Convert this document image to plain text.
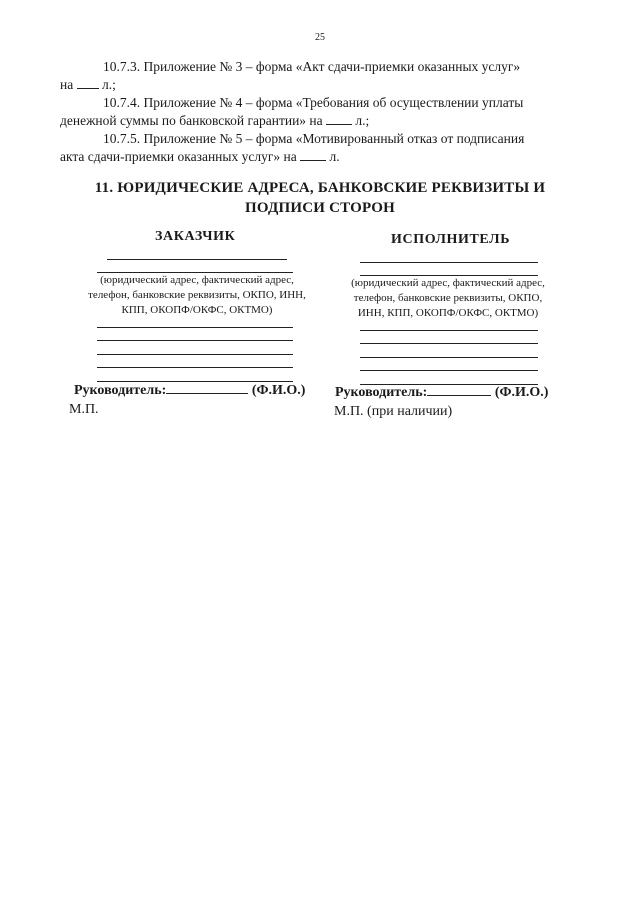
25
10.7.3. Приложение № 3 – форма «Акт сдачи-приемки оказанных услуг»
на л.;
10.7.4. Приложение № 4 – форма «Требования об осуществлении уплаты
денежной суммы по банковской гарантии» на л.;
10.7.5. Приложение № 5 – форма «Мотивированный отказ от подписания
акта сдачи-приемки оказанных услуг» на л.
11. ЮРИДИЧЕСКИЕ АДРЕСА, БАНКОВСКИЕ РЕКВИЗИТЫ И
ПОДПИСИ СТОРОН
ЗАКАЗЧИК
(юридический адрес, фактический адрес,
телефон, банковские реквизиты, ОКПО, ИНН,
КПП, ОКОПФ/ОКФС, ОКТМО)
Руководитель:	(Ф.И.О.)
М.П.
ИСПОЛНИТЕЛЬ
(юридический адрес, фактический адрес,
телефон, банковские реквизиты, ОКПО,
ИНН, КПП, ОКОПФ/ОКФС, ОКТМО)
Руководитель:	(Ф.И.О.)
М.П. (при наличии)
